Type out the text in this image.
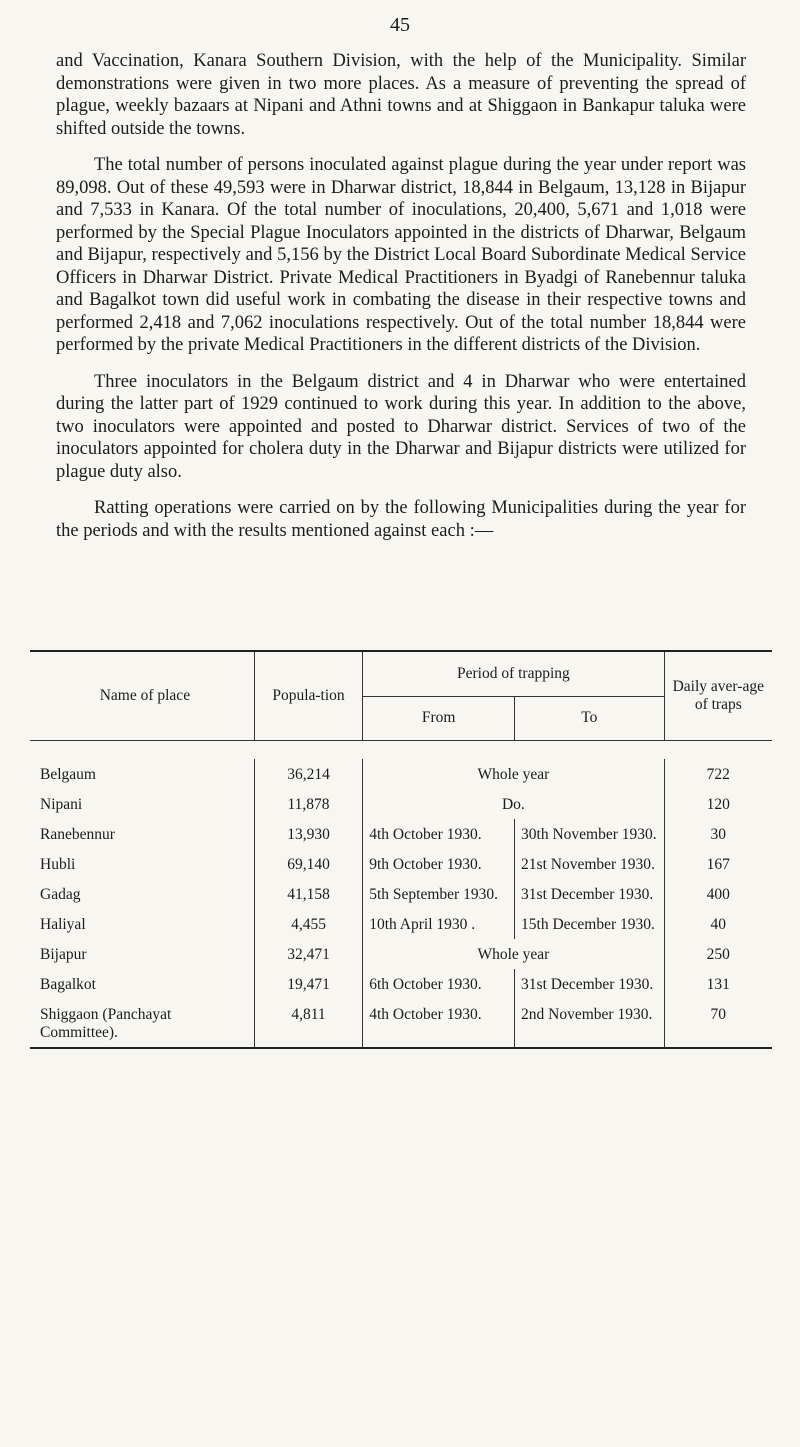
45

and Vaccination, Kanara Southern Division, with the help of the Municipality. Similar demonstrations were given in two more places. As a measure of preventing the spread of plague, weekly bazaars at Nipani and Athni towns and at Shiggaon in Bankapur taluka were shifted outside the towns.

The total number of persons inoculated against plague during the year under report was 89,098. Out of these 49,593 were in Dharwar district, 18,844 in Belgaum, 13,128 in Bijapur and 7,533 in Kanara. Of the total number of inoculations, 20,400, 5,671 and 1,018 were performed by the Special Plague Inoculators appointed in the districts of Dharwar, Belgaum and Bijapur, respectively and 5,156 by the District Local Board Subordinate Medical Service Officers in Dharwar District. Private Medical Practitioners in Byadgi of Ranebennur taluka and Bagalkot town did useful work in combating the disease in their respective towns and performed 2,418 and 7,062 inoculations respectively. Out of the total number 18,844 were performed by the private Medical Practitioners in the different districts of the Division.

Three inoculators in the Belgaum district and 4 in Dharwar who were entertained during the latter part of 1929 continued to work during this year. In addition to the above, two inoculators were appointed and posted to Dharwar district. Services of two of the inoculators appointed for cholera duty in the Dharwar and Bijapur districts were utilized for plague duty also.

Ratting operations were carried on by the following Municipalities during the year for the periods and with the results mentioned against each :—

Name of place	Popula-tion	Period of trapping		Daily aver-age of traps
		From	To	

Belgaum	36,214	Whole year		722
Nipani	11,878	Do.		120
Ranebennur	13,930	4th October 1930.	30th November 1930.	30
Hubli	69,140	9th October 1930.	21st November 1930.	167
Gadag	41,158	5th September 1930.	31st December 1930.	400
Haliyal	4,455	10th April 1930 .	15th December 1930.	40
Bijapur	32,471	Whole year		250
Bagalkot	19,471	6th October 1930.	31st December 1930.	131
Shiggaon (Panchayat Committee).	4,811	4th October 1930.	2nd November 1930.	70
